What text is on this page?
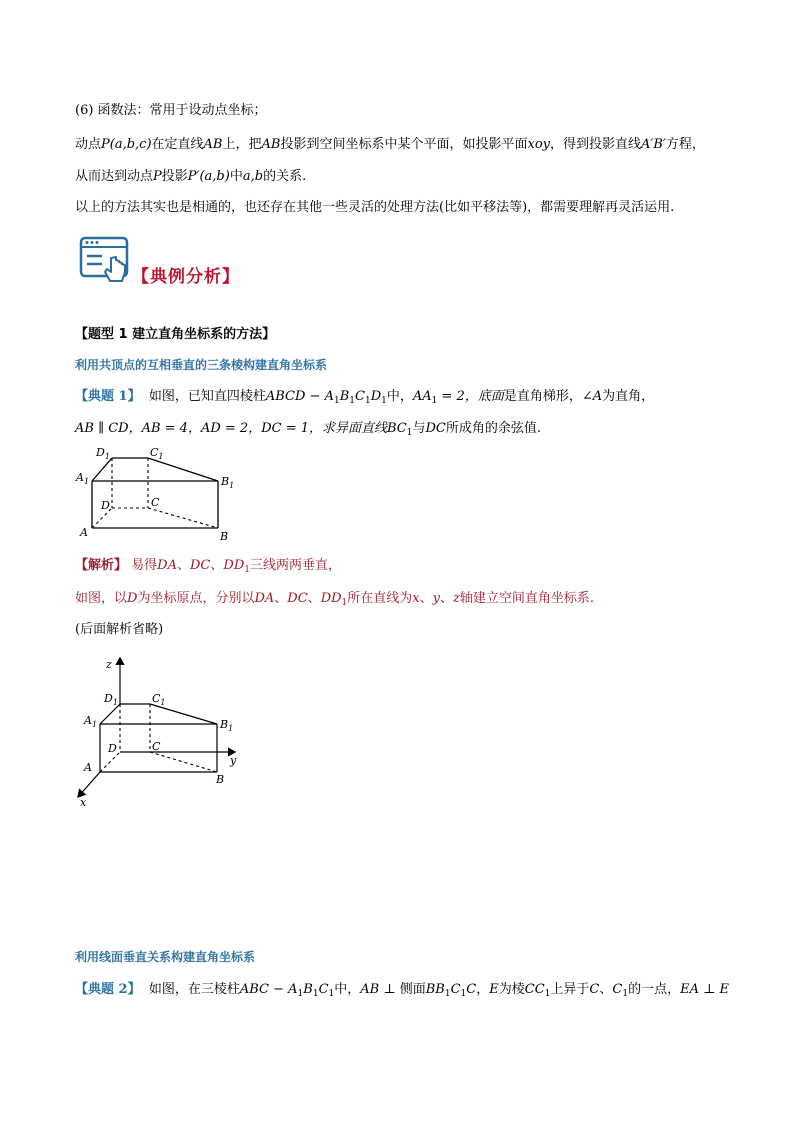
(6) 函数法：常用于设动点坐标；
动点P(a,b,c)在定直线AB上，把AB投影到空间坐标系中某个平面，如投影平面xoy，得到投影直线A′B′方程，
从而达到动点P投影P′(a,b)中a,b的关系.
以上的方法其实也是相通的，也还存在其他一些灵活的处理方法(比如平移法等)，都需要理解再灵活运用.
【典例分析】
【题型 1 建立直角坐标系的方法】
利用共顶点的互相垂直的三条棱构建直角坐标系
【典题 1】 如图，已知直四棱柱ABCD − $A_1B_1C_1D_1$中，$AA_1 = 2$，底面是直角梯形，∠A为直角，
AB ∥ CD，AB = 4，AD = 2，DC = 1，求异面直线$BC_1$与DC所成角的余弦值.
$D_1$	$C_1$
$A_1$	$B_1$
D	C
A	B
【解析】 易得DA、DC、$DD_1$三线两两垂直，
如图，以D为坐标原点，分别以DA、DC、$DD_1$所在直线为x、y、z轴建立空间直角坐标系.
(后面解析省略)
z
$D_1$	$C_1$
$A_1$	$B_1$
D	C
y
A
B
x
利用线面垂直关系构建直角坐标系
【典题 2】 如图，在三棱柱ABC − $A_1B_1C_1$中，AB ⊥ 侧面$BB_1C_1C$，E为棱$CC_1$上异于C、$C_1$的一点，EA ⊥ E
